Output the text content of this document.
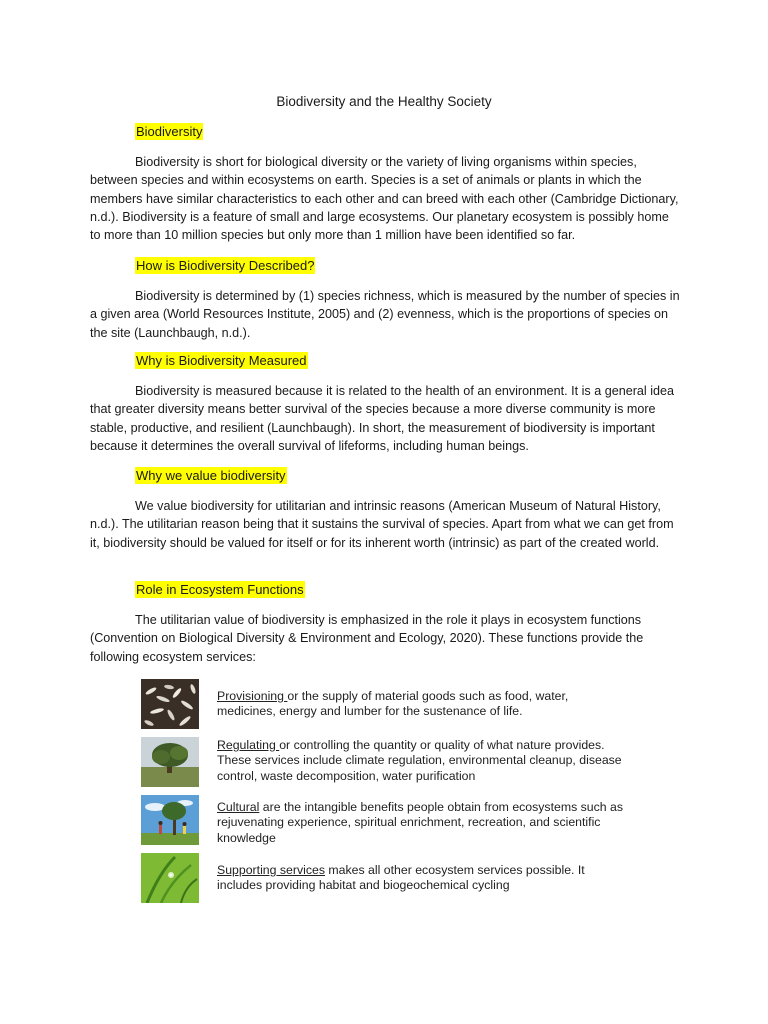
Biodiversity and the Healthy Society
Biodiversity

Biodiversity is short for biological diversity or the variety of living organisms within species, between species and within ecosystems on earth. Species is a set of animals or plants in which the members have similar characteristics to each other and can breed with each other (Cambridge Dictionary, n.d.). Biodiversity is a feature of small and large ecosystems. Our planetary ecosystem is possibly home to more than 10 million species but only more than 1 million have been identified so far.

How is Biodiversity Described?

Biodiversity is determined by (1) species richness, which is measured by the number of species in a given area (World Resources Institute, 2005) and (2) evenness, which is the proportions of species on the site (Launchbaugh, n.d.).

Why is Biodiversity Measured

Biodiversity is measured because it is related to the health of an environment. It is a general idea that greater diversity means better survival of the species because a more diverse community is more stable, productive, and resilient (Launchbaugh). In short, the measurement of biodiversity is important because it determines the overall survival of lifeforms, including human beings.

Why we value biodiversity

We value biodiversity for utilitarian and intrinsic reasons (American Museum of Natural History, n.d.). The utilitarian reason being that it sustains the survival of species. Apart from what we can get from it, biodiversity should be valued for itself or for its inherent worth (intrinsic) as part of the created world.

Role in Ecosystem Functions

The utilitarian value of biodiversity is emphasized in the role it plays in ecosystem functions (Convention on Biological Diversity & Environment and Ecology, 2020). These functions provide the following ecosystem services:

Provisioning or the supply of material goods such as food, water, medicines, energy and lumber for the sustenance of life.
Regulating or controlling the quantity or quality of what nature provides. These services include climate regulation, environmental cleanup, disease control, waste decomposition, water purification
Cultural are the intangible benefits people obtain from ecosystems such as rejuvenating experience, spiritual enrichment, recreation, and scientific knowledge
Supporting services makes all other ecosystem services possible. It includes providing habitat and biogeochemical cycling
